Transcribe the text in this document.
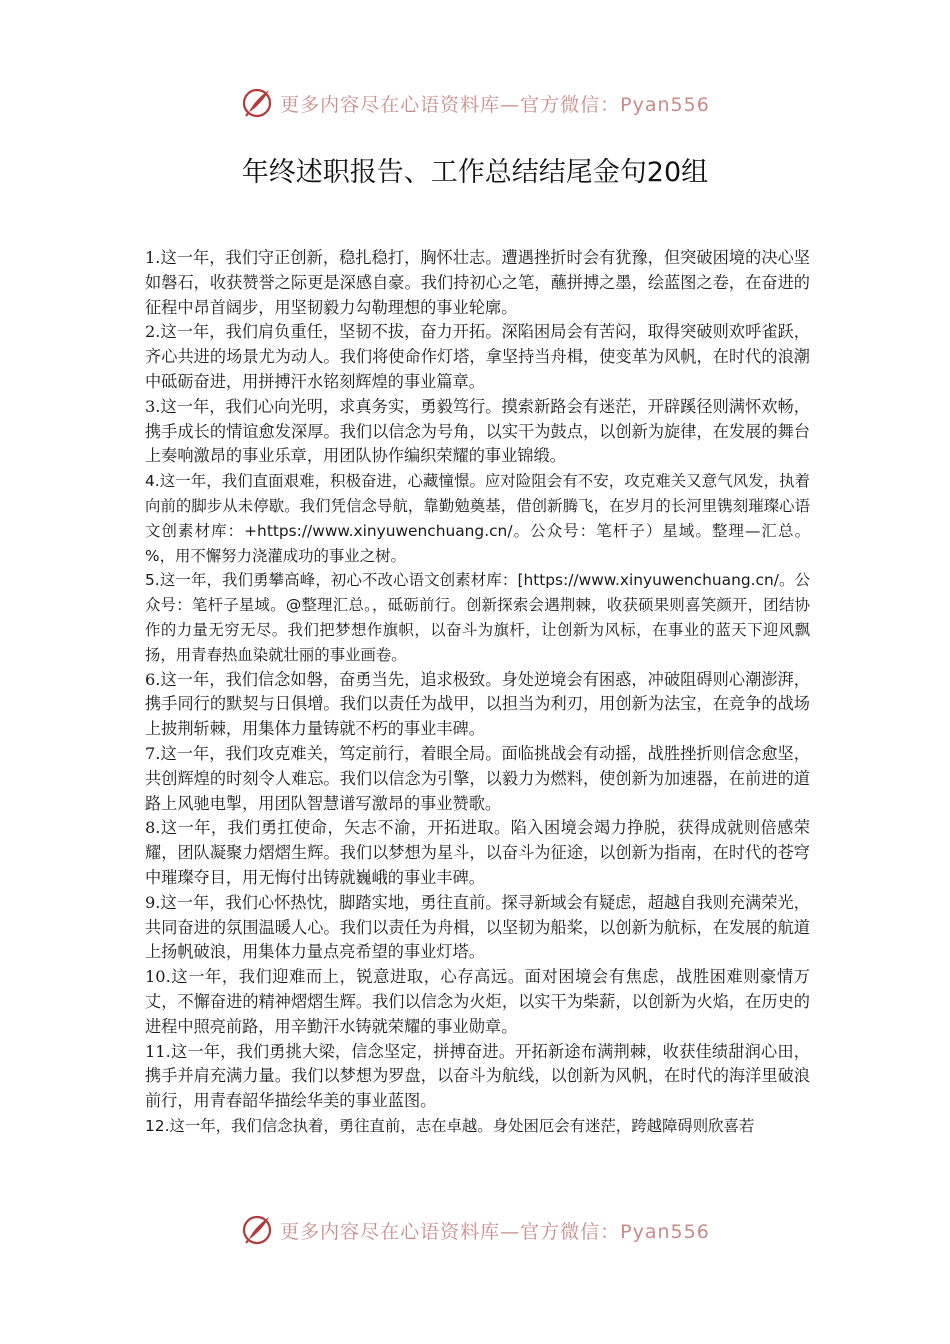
更多内容尽在心语资料库—官方微信：Pyan556
年终述职报告、工作总结结尾金句20组

1.这一年，我们守正创新，稳扎稳打，胸怀壮志。遭遇挫折时会有犹豫，但突破困境的决心坚如磐石，收获赞誉之际更是深感自豪。我们持初心之笔，蘸拼搏之墨，绘蓝图之卷，在奋进的征程中昂首阔步，用坚韧毅力勾勒理想的事业轮廓。

2.这一年，我们肩负重任，坚韧不拔，奋力开拓。深陷困局会有苦闷，取得突破则欢呼雀跃，齐心共进的场景尤为动人。我们将使命作灯塔，拿坚持当舟楫，使变革为风帆，在时代的浪潮中砥砺奋进，用拼搏汗水铭刻辉煌的事业篇章。

3.这一年，我们心向光明，求真务实，勇毅笃行。摸索新路会有迷茫，开辟蹊径则满怀欢畅，携手成长的情谊愈发深厚。我们以信念为号角，以实干为鼓点，以创新为旋律，在发展的舞台上奏响激昂的事业乐章，用团队协作编织荣耀的事业锦缎。

4.这一年，我们直面艰难，积极奋进，心藏憧憬。应对险阻会有不安，攻克难关又意气风发，执着向前的脚步从未停歇。我们凭信念导航，靠勤勉奠基，借创新腾飞，在岁月的长河里镌刻璀璨心语文创素材库：+https://www.xinyuwenchuang.cn/。公众号：笔杆子）星域。整理—汇总。%，用不懈努力浇灌成功的事业之树。

5.这一年，我们勇攀高峰，初心不改心语文创素材库：[https://www.xinyuwenchuang.cn/。公众号：笔杆子星域。@整理汇总。，砥砺前行。创新探索会遇荆棘，收获硕果则喜笑颜开，团结协作的力量无穷无尽。我们把梦想作旗帜，以奋斗为旗杆，让创新为风标，在事业的蓝天下迎风飘扬，用青春热血染就壮丽的事业画卷。

6.这一年，我们信念如磐，奋勇当先，追求极致。身处逆境会有困惑，冲破阻碍则心潮澎湃，携手同行的默契与日俱增。我们以责任为战甲，以担当为利刃，用创新为法宝，在竞争的战场上披荆斩棘，用集体力量铸就不朽的事业丰碑。

7.这一年，我们攻克难关，笃定前行，着眼全局。面临挑战会有动摇，战胜挫折则信念愈坚，共创辉煌的时刻令人难忘。我们以信念为引擎，以毅力为燃料，使创新为加速器，在前进的道路上风驰电掣，用团队智慧谱写激昂的事业赞歌。

8.这一年，我们勇扛使命，矢志不渝，开拓进取。陷入困境会竭力挣脱，获得成就则倍感荣耀，团队凝聚力熠熠生辉。我们以梦想为星斗，以奋斗为征途，以创新为指南，在时代的苍穹中璀璨夺目，用无悔付出铸就巍峨的事业丰碑。

9.这一年，我们心怀热忱，脚踏实地，勇往直前。探寻新域会有疑虑，超越自我则充满荣光，共同奋进的氛围温暖人心。我们以责任为舟楫，以坚韧为船桨，以创新为航标，在发展的航道上扬帆破浪，用集体力量点亮希望的事业灯塔。

10.这一年，我们迎难而上，锐意进取，心存高远。面对困境会有焦虑，战胜困难则豪情万丈，不懈奋进的精神熠熠生辉。我们以信念为火炬，以实干为柴薪，以创新为火焰，在历史的进程中照亮前路，用辛勤汗水铸就荣耀的事业勋章。

11.这一年，我们勇挑大梁，信念坚定，拼搏奋进。开拓新途布满荆棘，收获佳绩甜润心田，携手并肩充满力量。我们以梦想为罗盘，以奋斗为航线，以创新为风帆，在时代的海洋里破浪前行，用青春韶华描绘华美的事业蓝图。

12.这一年，我们信念执着，勇往直前，志在卓越。身处困厄会有迷茫，跨越障碍则欣喜若

更多内容尽在心语资料库—官方微信：Pyan556
